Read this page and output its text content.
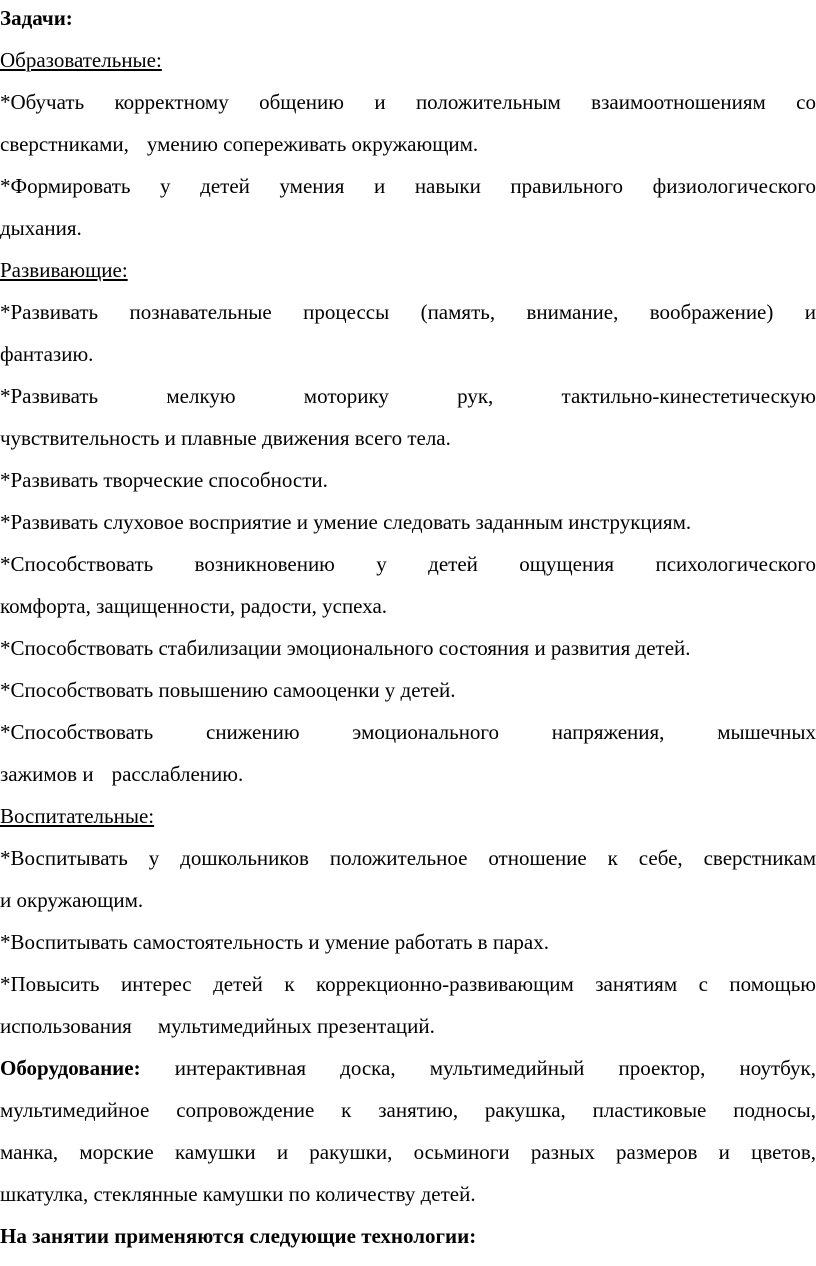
Задачи:
Образовательные:
*Обучать корректному общению и положительным взаимоотношениям со
сверстниками, умению сопереживать окружающим.
*Формировать у детей умения и навыки правильного физиологического
дыхания.
Развивающие:
*Развивать познавательные процессы (память, внимание, воображение) и
фантазию.
*Развивать мелкую моторику рук, тактильно-кинестетическую
чувствительность и плавные движения всего тела.
*Развивать творческие способности.
*Развивать слуховое восприятие и умение следовать заданным инструкциям.
*Способствовать возникновению у детей ощущения психологического
комфорта, защищенности, радости, успеха.
*Способствовать стабилизации эмоционального состояния и развития детей.
*Способствовать повышению самооценки у детей.
*Способствовать снижению эмоционального напряжения, мышечных
зажимов и расслаблению.
Воспитательные:
*Воспитывать у дошкольников положительное отношение к себе, сверстникам
и окружающим.
*Воспитывать самостоятельность и умение работать в парах.
*Повысить интерес детей к коррекционно-развивающим занятиям с помощью
использования мультимедийных презентаций.
Оборудование: интерактивная доска, мультимедийный проектор, ноутбук,
мультимедийное сопровождение к занятию, ракушка, пластиковые подносы,
манка, морские камушки и ракушки, осьминоги разных размеров и цветов,
шкатулка, стеклянные камушки по количеству детей.
На занятии применяются следующие технологии:
